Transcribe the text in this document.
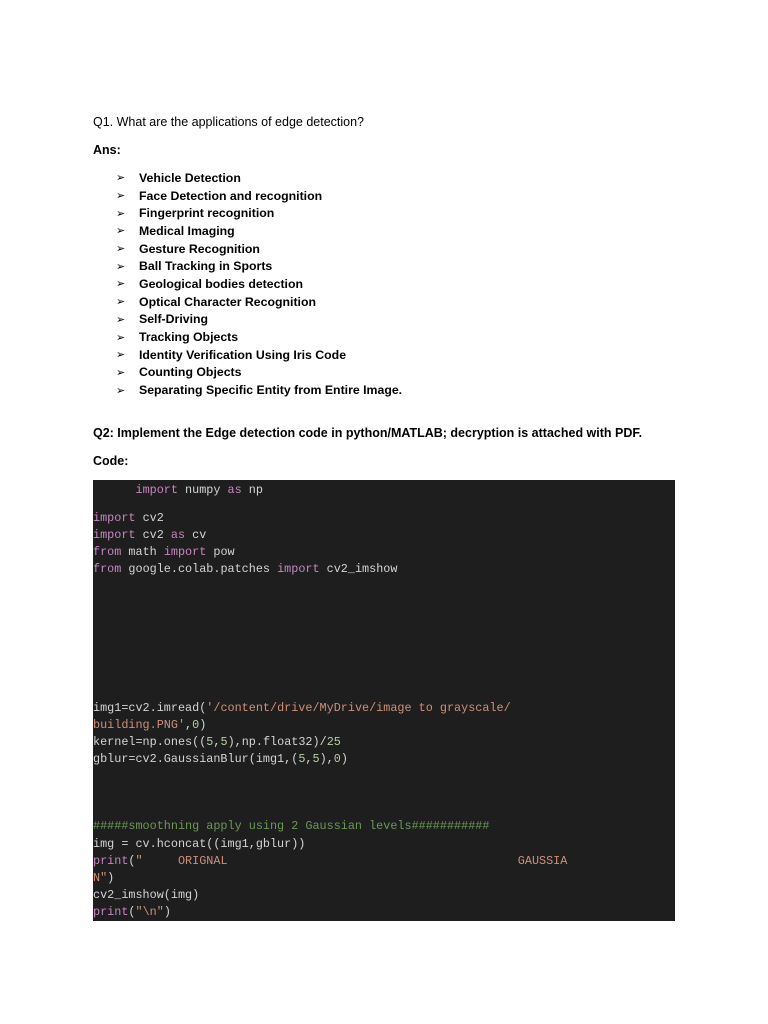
Q1. What are the applications of edge detection?
Ans:
➢	Vehicle Detection
➢	Face Detection and recognition
➢	Fingerprint recognition
➢	Medical Imaging
➢	Gesture Recognition
➢	Ball Tracking in Sports
➢	Geological bodies detection
➢	Optical Character Recognition
➢	Self-Driving
➢	Tracking Objects
➢	Identity Verification Using Iris Code
➢	Counting Objects
➢	Separating Specific Entity from Entire Image.
Q2: Implement the Edge detection code in python/MATLAB; decryption is attached with PDF.
Code:
import numpy as np
import cv2
import cv2 as cv
from math import pow
from google.colab.patches import cv2_imshow
img1=cv2.imread('/content/drive/MyDrive/image to grayscale/
building.PNG',0)
kernel=np.ones((5,5),np.float32)/25
gblur=cv2.GaussianBlur(img1,(5,5),0)
#####smoothning apply using 2 Gaussian levels###########
img = cv.hconcat((img1,gblur))
print("     ORIGNAL                                         GAUSSIA
N")
cv2_imshow(img)
print("\n")
